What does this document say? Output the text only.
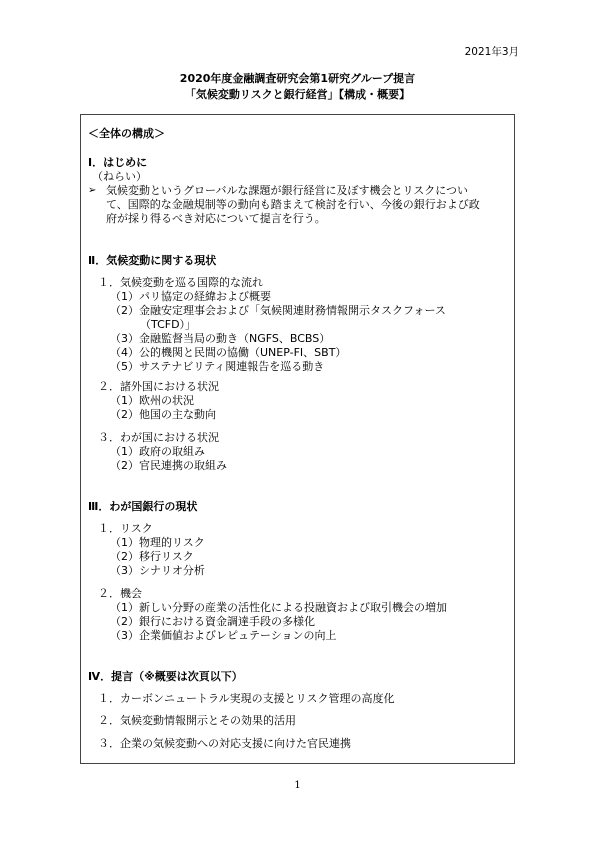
2021年3月
2020年度金融調査研究会第1研究グループ提言
「気候変動リスクと銀行経営」【構成・概要】
＜全体の構成＞
Ⅰ．はじめに
（ねらい）
➢ 気候変動というグローバルな課題が銀行経営に及ぼす機会とリスクについ
て、国際的な金融規制等の動向も踏まえて検討を行い、今後の銀行および政
府が採り得るべき対応について提言を行う。
Ⅱ．気候変動に関する現状
１．気候変動を巡る国際的な流れ
（1）パリ協定の経緯および概要
（2）金融安定理事会および「気候関連財務情報開示タスクフォース
（TCFD）」
（3）金融監督当局の動き（NGFS、BCBS）
（4）公的機関と民間の協働（UNEP-FI、SBT）
（5）サステナビリティ関連報告を巡る動き
２．諸外国における状況
（1）欧州の状況
（2）他国の主な動向
３．わが国における状況
（1）政府の取組み
（2）官民連携の取組み
Ⅲ．わが国銀行の現状
１．リスク
（1）物理的リスク
（2）移行リスク
（3）シナリオ分析
２．機会
（1）新しい分野の産業の活性化による投融資および取引機会の増加
（2）銀行における資金調達手段の多様化
（3）企業価値およびレピュテーションの向上
Ⅳ．提言（※概要は次頁以下）
１．カーボンニュートラル実現の支援とリスク管理の高度化
２．気候変動情報開示とその効果的活用
３．企業の気候変動への対応支援に向けた官民連携
1
